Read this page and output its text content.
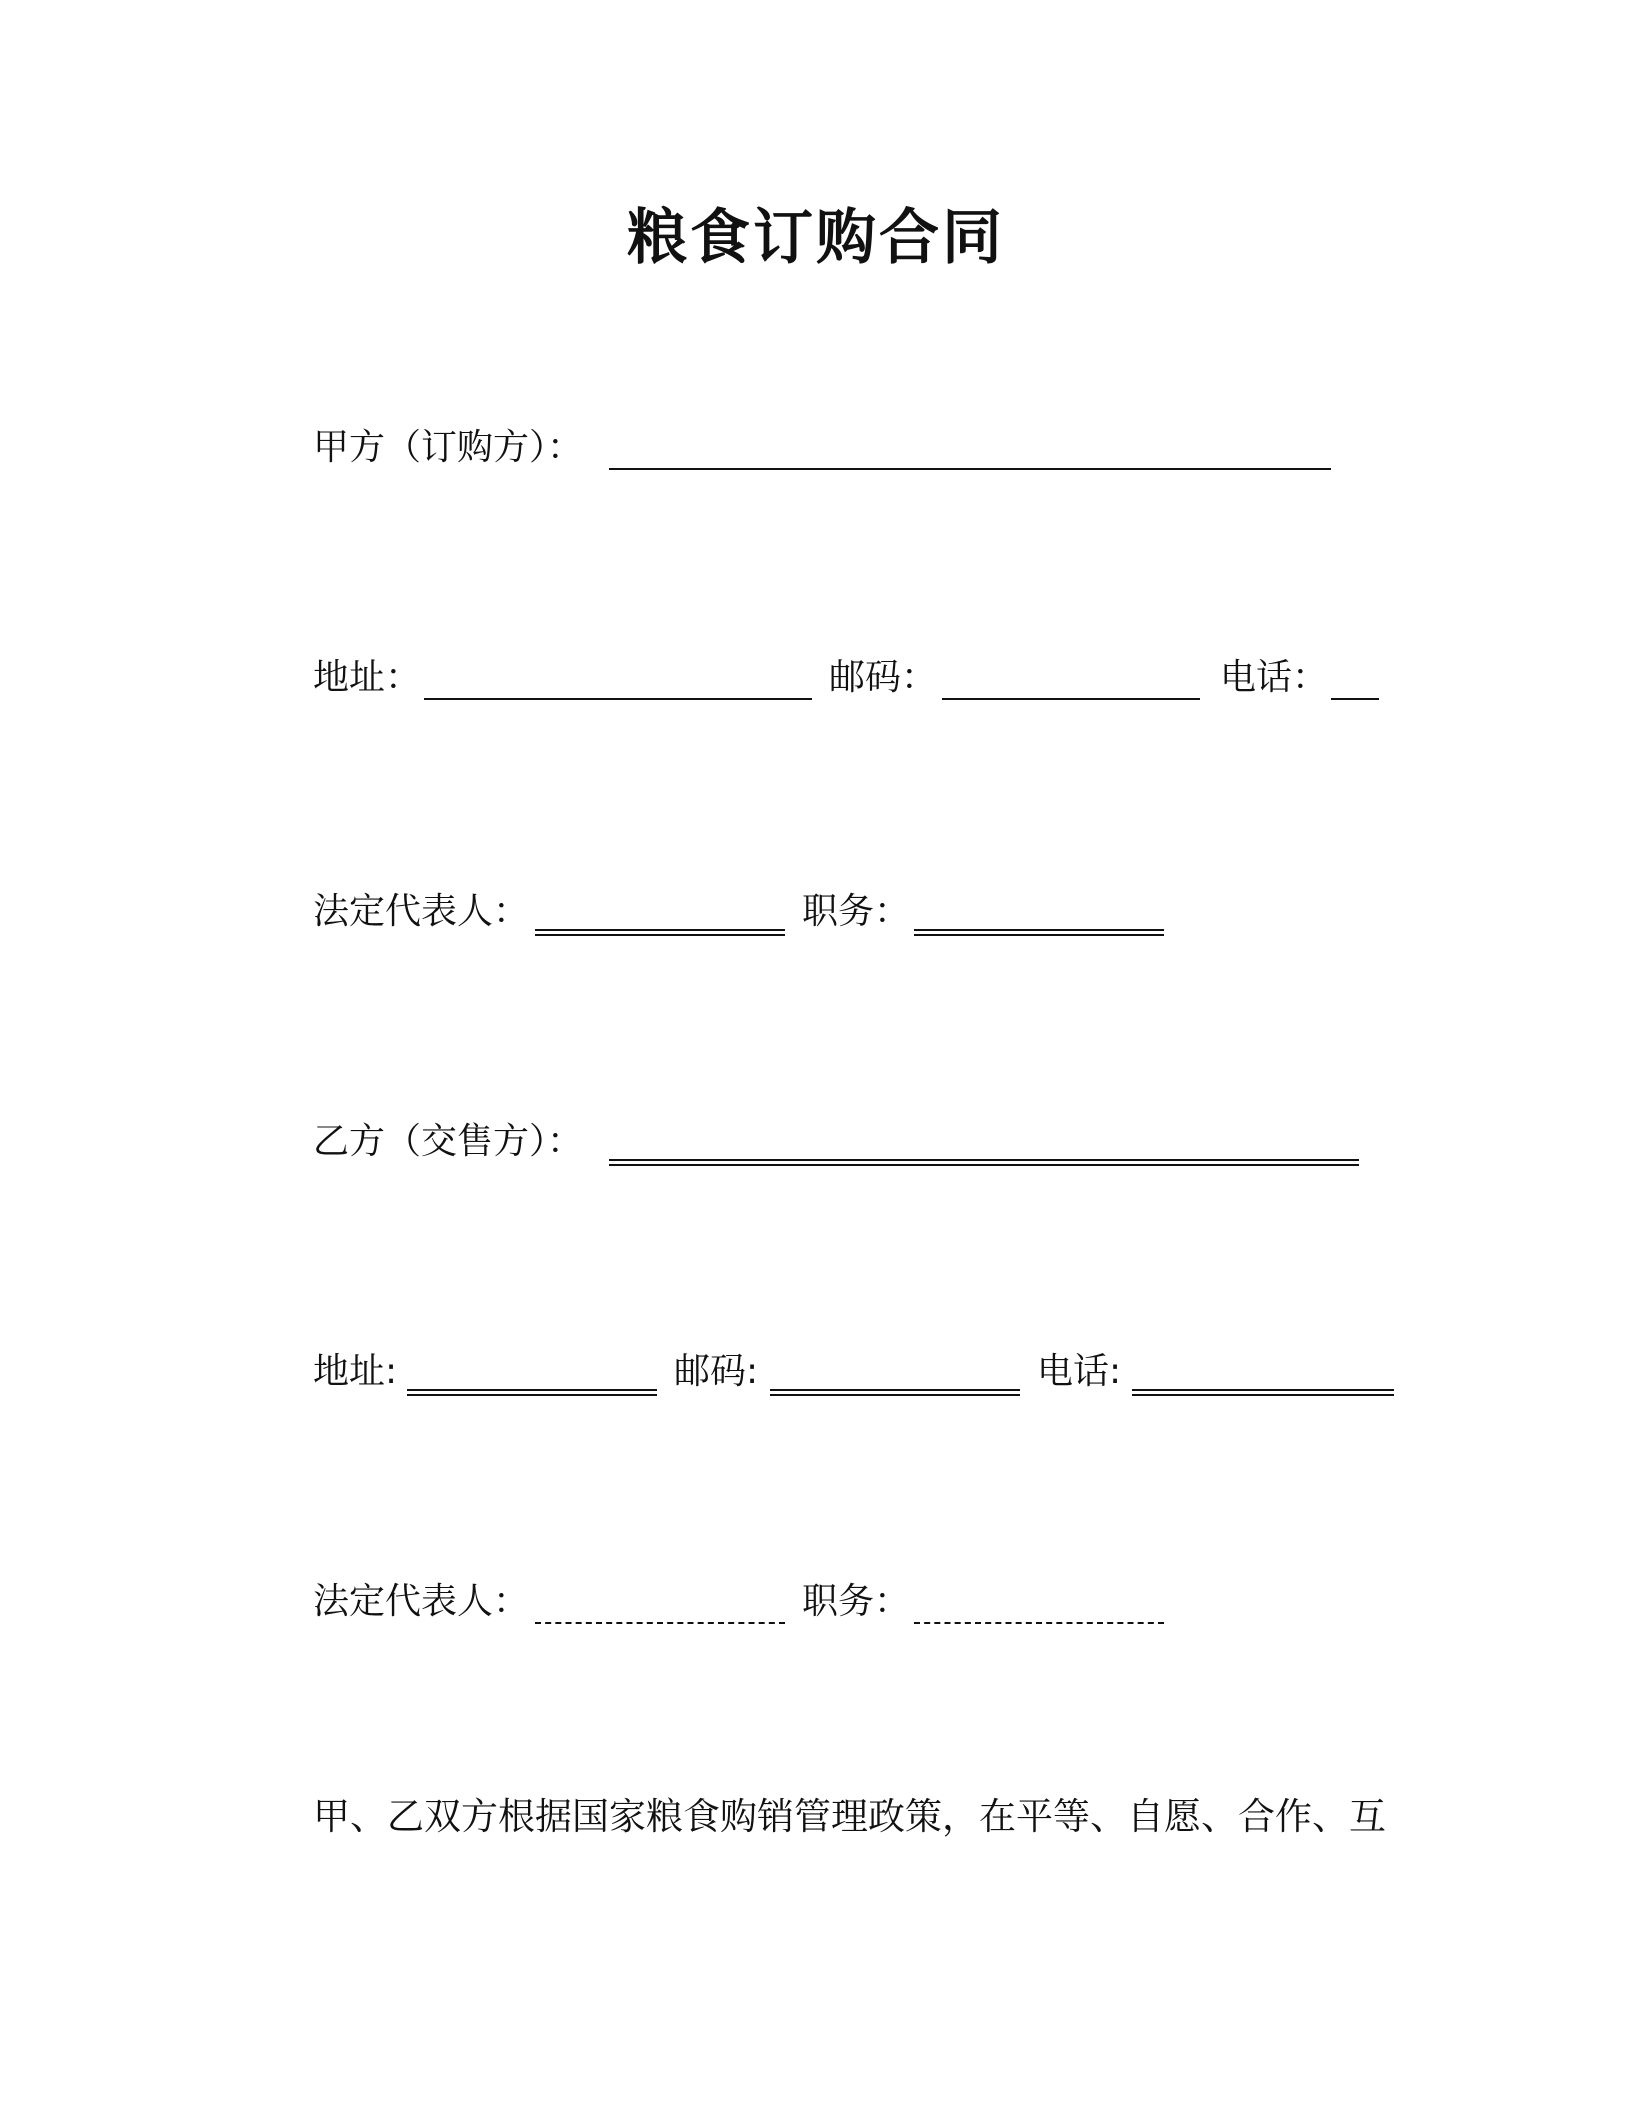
粮食订购合同
甲方（订购方）：
地址：	邮码：	电话：
法定代表人：	职务：
乙方（交售方）：
地址:	邮码:	电话:
法定代表人：	职务：
甲、乙双方根据国家粮食购销管理政策，在平等、自愿、合作、互
